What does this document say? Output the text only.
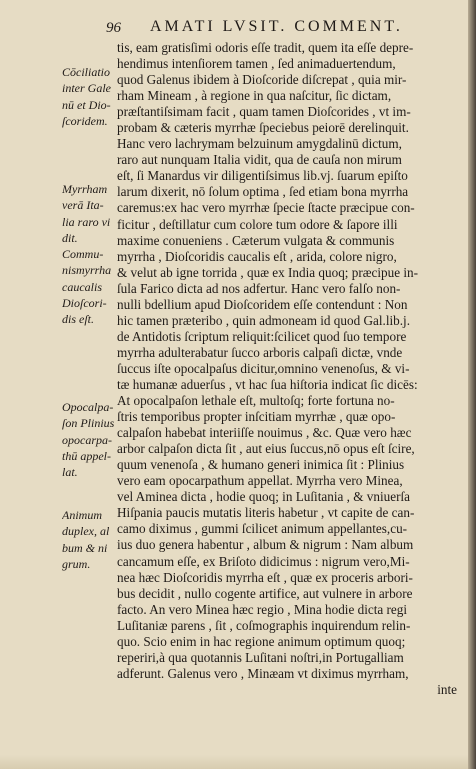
96 AMATI LVSIT. COMMENT.
Cōciliatio
inter Gale
nū et Dio-
ſcoridem.
Myrrham
verā Ita-
lia raro vi
dit.
Commu-
nismyrrha
caucalis
Dioſcori-
dis eſt.
Opocalpa-
ſon Plinius
opocarpa-
thū appel-
lat.
Animum
duplex, al
bum & ni
grum.
tis, eam gratisſimi odoris eſſe tradit, quem ita eſſe depre-
hendimus intenſiorem tamen , ſed animaduertendum,
quod Galenus ibidem à Dioſcoride diſcrepat , quia mir-
rham Mineam , à regione in qua naſcitur, ſic dictam,
præſtantiſsimam facit , quam tamen Dioſcorides , vt im-
probam & cæteris myrrhæ ſpeciebus peiorē derelinquit.
Hanc vero lachrymam belzuinum amygdalinū dictum,
raro aut nunquam Italia vidit, qua de cauſa non mirum
eſt, ſi Manardus vir diligentiſsimus lib.vj. ſuarum epiſto
larum dixerit, nō ſolum optima , ſed etiam bona myrrha
caremus:ex hac vero myrrhæ ſpecie ſtacte præcipue con-
ficitur , deſtillatur cum colore tum odore & ſapore illi
maxime conueniens . Cæterum vulgata & communis
myrrha , Dioſcoridis caucalis eſt , arida, colore nigro,
& velut ab igne torrida , quæ ex India quoq; præcipue in-
ſula Farico dicta ad nos adfertur. Hanc vero falſo non-
nulli bdellium apud Dioſcoridem eſſe contendunt : Non
hic tamen præteribo , quin admoneam id quod Gal.lib.j.
de Antidotis ſcriptum reliquit:ſcilicet quod ſuo tempore
myrrha adulterabatur ſucco arboris calpaſi dictæ, vnde
ſuccus iſte opocalpaſus dicitur,omnino venenoſus, & vi-
tæ humanæ aduerſus , vt hac ſua hiſtoria indicat ſic dicēs:
At opocalpaſon lethale eſt, multoſq; forte fortuna no-
ſtris temporibus propter inſcitiam myrrhæ , quæ opo-
calpaſon habebat interiiſſe nouimus , &c. Quæ vero hæc
arbor calpaſon dicta ſit , aut eius ſuccus,nō opus eſt ſcire,
quum venenoſa , & humano generi inimica ſit : Plinius
vero eam opocarpathum appellat. Myrrha vero Minea,
vel Aminea dicta , hodie quoq; in Luſitania , & vniuerſa
Hiſpania paucis mutatis literis habetur , vt capite de can-
camo diximus , gummi ſcilicet animum appellantes,cu-
ius duo genera habentur , album & nigrum : Nam album
cancamum eſſe, ex Briſoto didicimus : nigrum vero,Mi-
nea hæc Dioſcoridis myrrha eſt , quæ ex proceris arbori-
bus decidit , nullo cogente artifice, aut vulnere in arbore
facto. An vero Minea hæc regio , Mina hodie dicta regi
Luſitaniæ parens , ſit , coſmographis inquirendum relin-
quo. Scio enim in hac regione animum optimum quoq;
reperiri,à qua quotannis Luſitani noſtri,in Portugalliam
adferunt. Galenus vero , Minæam vt diximus myrrham,
inte
